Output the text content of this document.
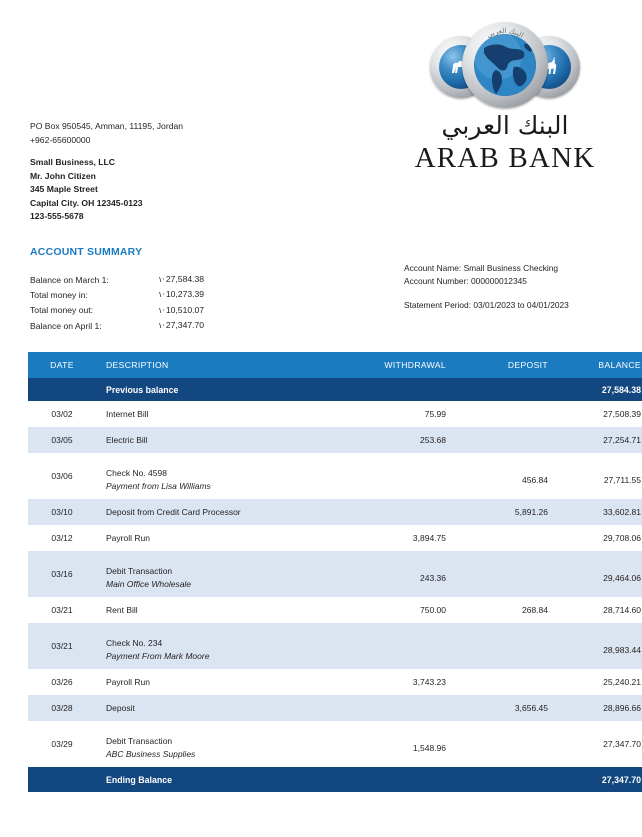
البنك العربي
البنك العربي
ARAB BANK
PO Box 950545, Amman, 11195, Jordan
+962-65600000
Small Business, LLC
Mr. John Citizen
345 Maple Street
Capital City. OH 12345-0123
123-555-5678
ACCOUNT SUMMARY
Balance on March 1:	١·27,584.38
Total money in:	١·10,273.39
Total money out:	١·10,510.07
Balance on April 1:	١·27,347.70
Account Name: Small Business Checking
Account Number: 000000012345
Statement Period: 03/01/2023 to 04/01/2023
DATE	DESCRIPTION	WITHDRAWAL	DEPOSIT	BALANCE
	Previous balance			27,584.38
03/02	Internet Bill	75.99		27,508.39
03/05	Electric Bill	253.68		27,254.71
03/06	Check No. 4598
Payment from Lisa Williams		456.84	27,711.55
03/10	Deposit from Credit Card Processor		5,891.26	33,602.81
03/12	Payroll Run	3,894.75		29,708.06
03/16	Debit Transaction
Main Office Wholesale	243.36		29,464.06
03/21	Rent Bill	750.00	268.84	28,714.60
03/21	Check No. 234
Payment From Mark Moore			28,983.44
03/26	Payroll Run	3,743.23		25,240.21
03/28	Deposit		3,656.45	28,896.66
03/29	Debit Transaction
ABC Business Supplies	1,548.96		27,347.70
	Ending Balance			27,347.70
